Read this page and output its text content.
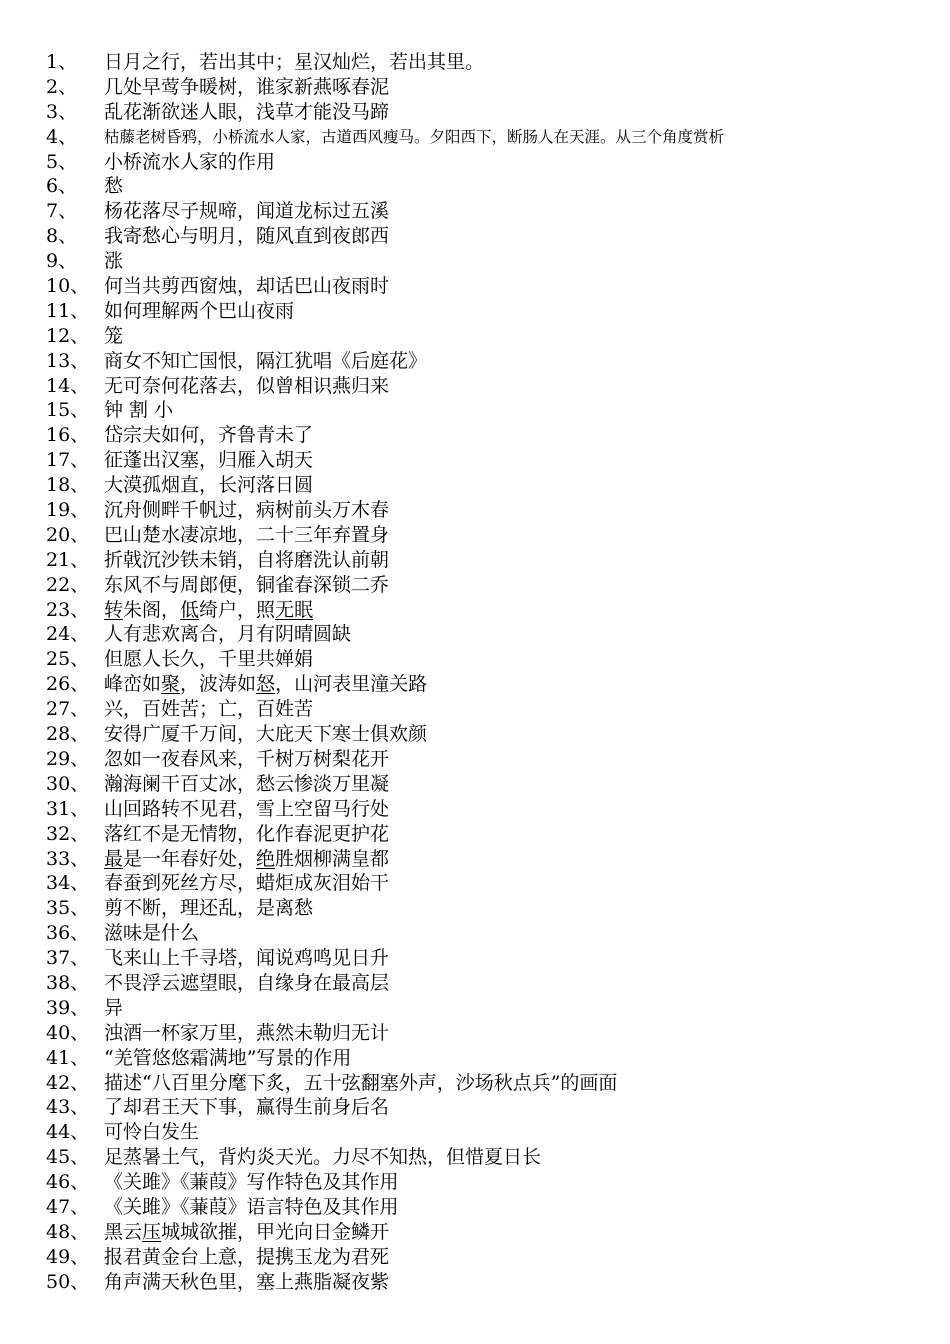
1、 日月之行，若出其中；星汉灿烂，若出其里。
2、 几处早莺争暖树，谁家新燕啄春泥
3、 乱花渐欲迷人眼，浅草才能没马蹄
4、 枯藤老树昏鸦，小桥流水人家，古道西风瘦马。夕阳西下，断肠人在天涯。从三个角度赏析
5、 小桥流水人家的作用
6、 愁
7、 杨花落尽子规啼，闻道龙标过五溪
8、 我寄愁心与明月，随风直到夜郎西
9、 涨
10、 何当共剪西窗烛，却话巴山夜雨时
11、 如何理解两个巴山夜雨
12、 笼
13、 商女不知亡国恨，隔江犹唱《后庭花》
14、 无可奈何花落去，似曾相识燕归来
15、 钟 割 小
16、 岱宗夫如何，齐鲁青未了
17、 征蓬出汉塞，归雁入胡天
18、 大漠孤烟直，长河落日圆
19、 沉舟侧畔千帆过，病树前头万木春
20、 巴山楚水凄凉地，二十三年弃置身
21、 折戟沉沙铁未销，自将磨洗认前朝
22、 东风不与周郎便，铜雀春深锁二乔
23、 转朱阁，低绮户，照无眠
24、 人有悲欢离合，月有阴晴圆缺
25、 但愿人长久，千里共婵娟
26、 峰峦如聚，波涛如怒，山河表里潼关路
27、 兴，百姓苦；亡，百姓苦
28、 安得广厦千万间，大庇天下寒士俱欢颜
29、 忽如一夜春风来，千树万树梨花开
30、 瀚海阑干百丈冰，愁云惨淡万里凝
31、 山回路转不见君，雪上空留马行处
32、 落红不是无情物，化作春泥更护花
33、 最是一年春好处，绝胜烟柳满皇都
34、 春蚕到死丝方尽，蜡炬成灰泪始干
35、 剪不断，理还乱，是离愁
36、 滋味是什么
37、 飞来山上千寻塔，闻说鸡鸣见日升
38、 不畏浮云遮望眼，自缘身在最高层
39、 异
40、 浊酒一杯家万里，燕然未勒归无计
41、 “羌管悠悠霜满地”写景的作用
42、 描述“八百里分麾下炙，五十弦翻塞外声，沙场秋点兵”的画面
43、 了却君王天下事，赢得生前身后名
44、 可怜白发生
45、 足蒸暑土气，背灼炎天光。力尽不知热，但惜夏日长
46、 《关雎》《蒹葭》写作特色及其作用
47、 《关雎》《蒹葭》语言特色及其作用
48、 黑云压城城欲摧，甲光向日金鳞开
49、 报君黄金台上意，提携玉龙为君死
50、 角声满天秋色里，塞上燕脂凝夜紫
